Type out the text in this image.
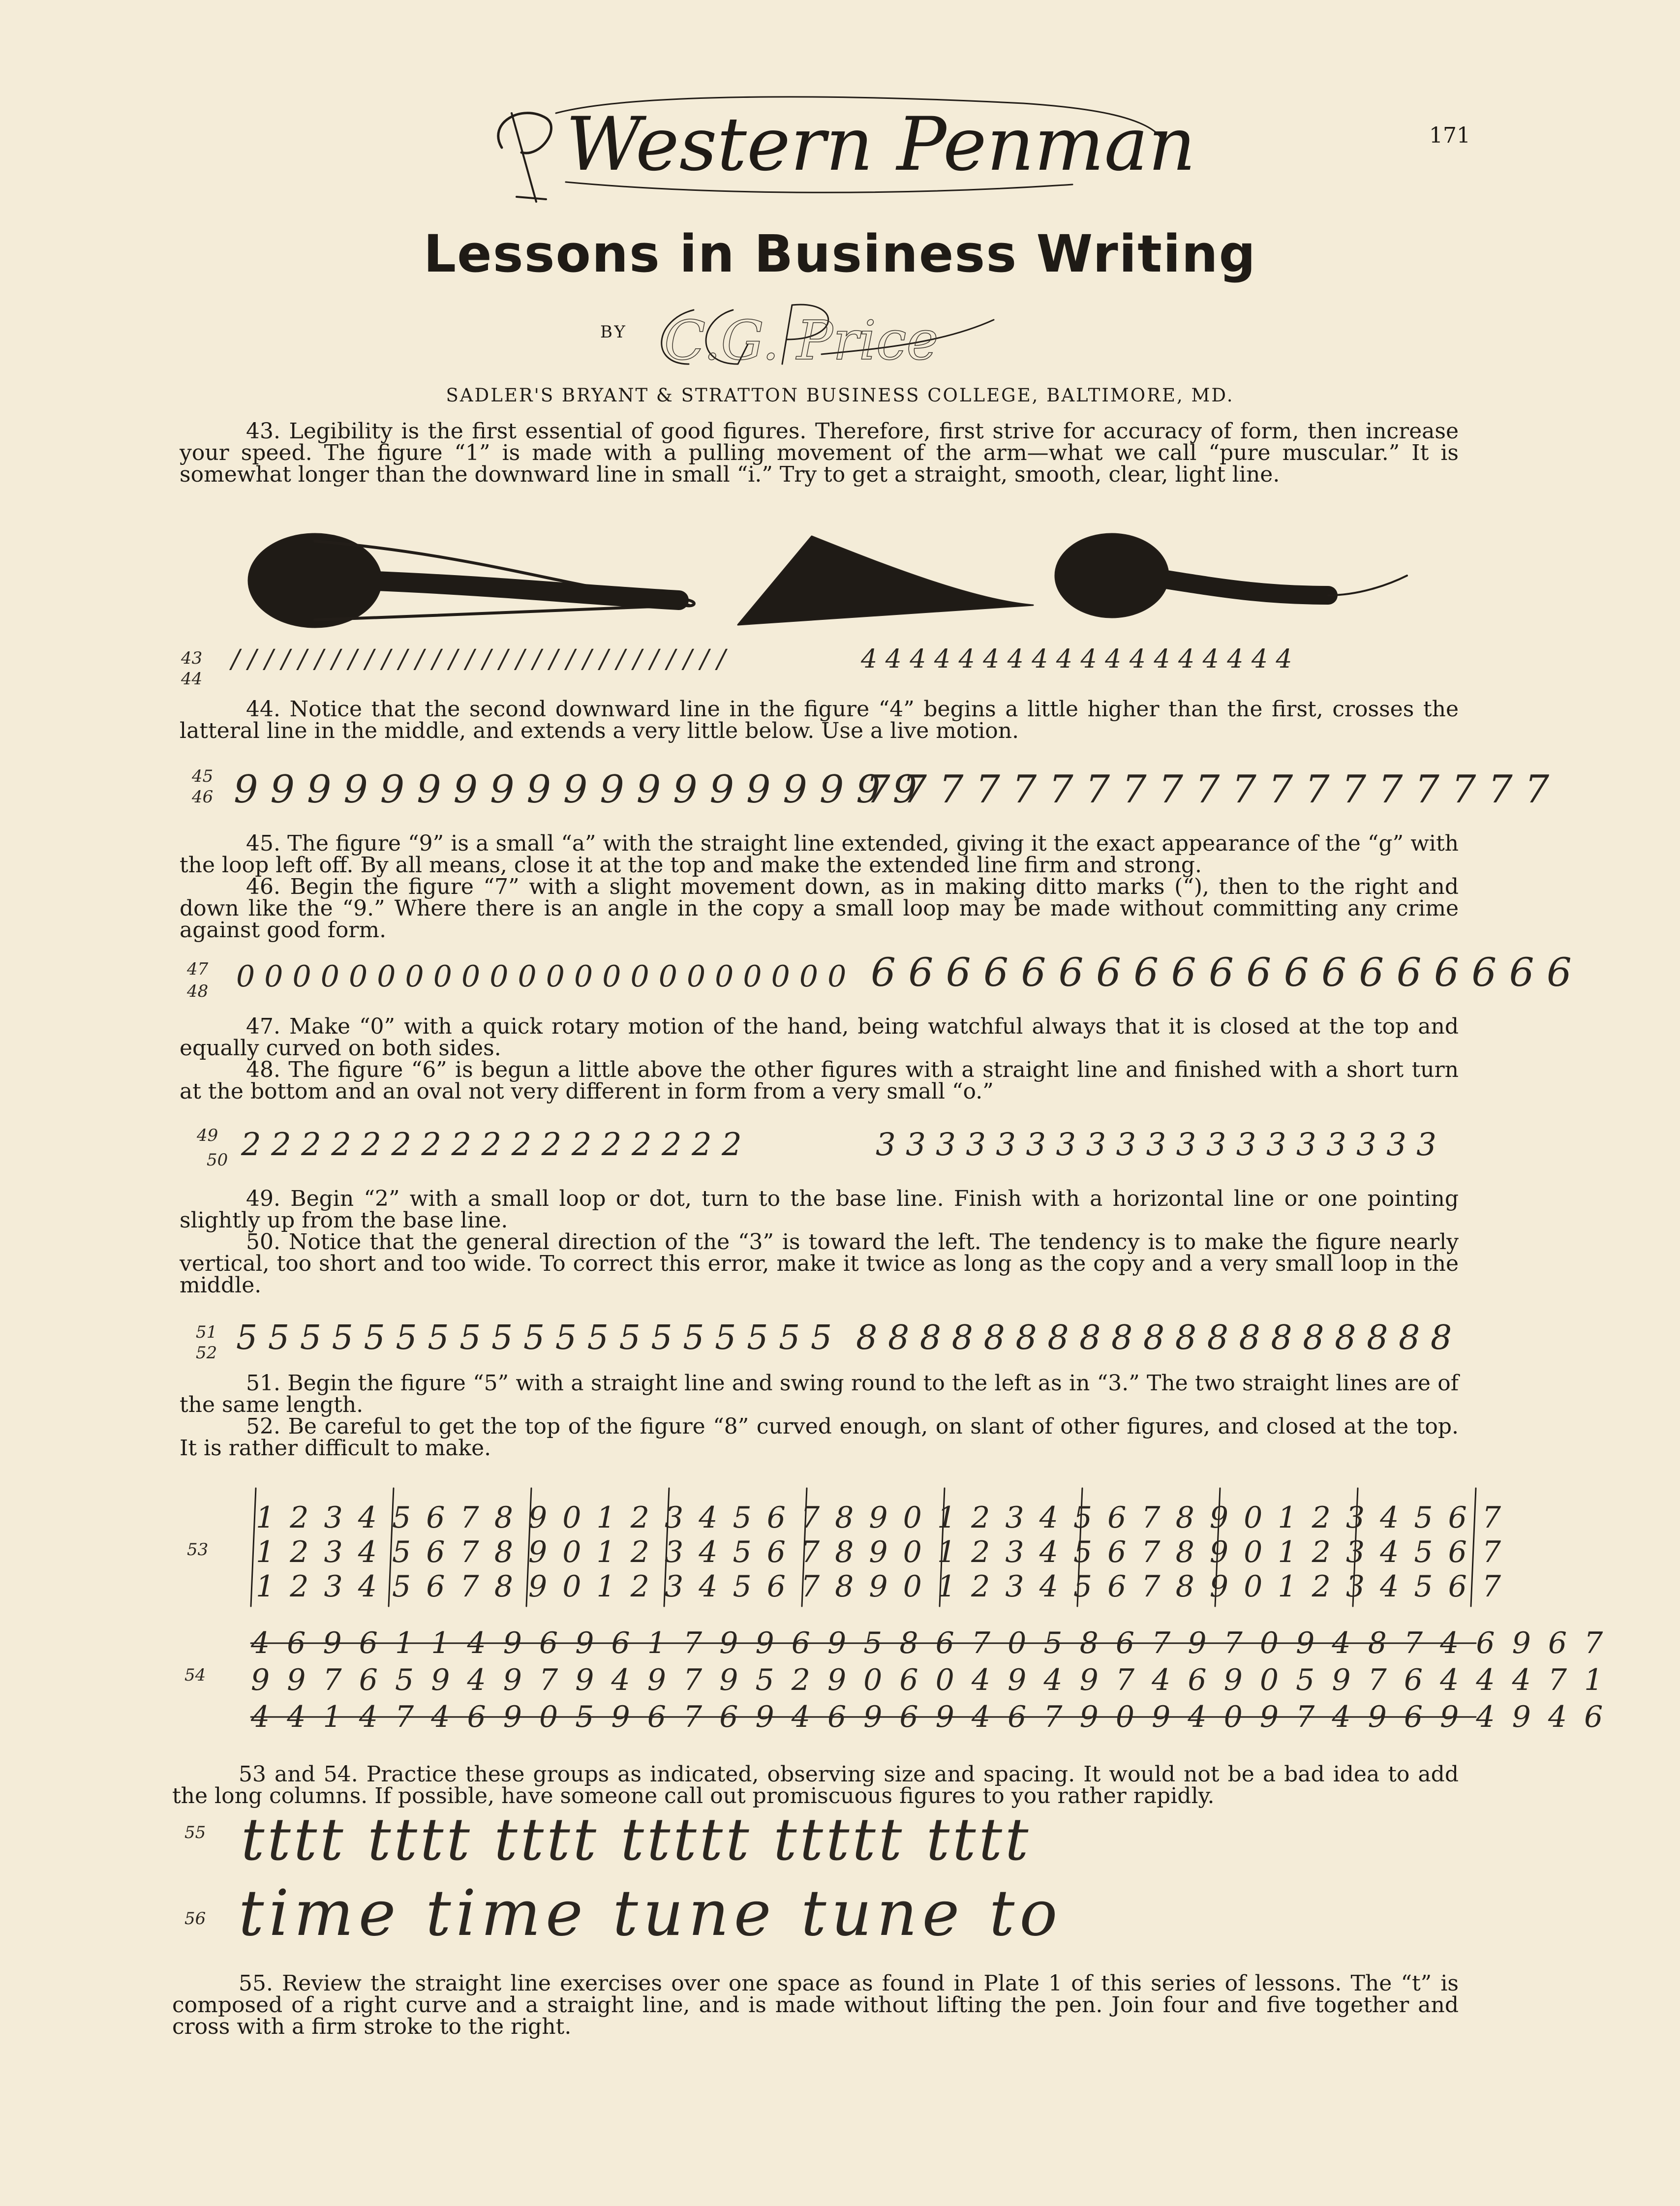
Western Penman	171
Lessons in Business Writing
BY C.G. Price
SADLER'S BRYANT & STRATTON BUSINESS COLLEGE, BALTIMORE, MD.

43. Legibility is the first essential of good figures. Therefore, first strive for accuracy of form, then increase your speed. The figure “1” is made with a pulling movement of the arm—what we call “pure muscular.” It is somewhat longer than the downward line in small “i.” Try to get a straight, smooth, clear, light line.

43
44
/ / / / / / / / / / / / / / / / / / / / / / / / / / / / / /	4 4 4 4 4 4 4 4 4 4 4 4 4 4 4 4 4 4

44. Notice that the second downward line in the figure “4” begins a little higher than the first, crosses the latteral line in the middle, and extends a very little below. Use a live motion.

45
46 9 9 9 9 9 9 9 9 9 9 9 9 9 9 9 9 9 9 9
7 7 7 7 7 7 7 7 7 7 7 7 7 7 7 7 7 7 7

45. The figure “9” is a small “a” with the straight line extended, giving it the exact appearance of the “g” with the loop left off. By all means, close it at the top and make the extended line firm and strong.

46. Begin the figure “7” with a slight movement down, as in making ditto marks (“), then to the right and down like the “9.” Where there is an angle in the copy a small loop may be made without committing any crime against good form.

47
48 0 0 0 0 0 0 0 0 0 0 0 0 0 0 0 0 0 0 0 0 0 0 6 6 6 6 6 6 6 6 6 6 6 6 6 6 6 6 6 6 6

47. Make “0” with a quick rotary motion of the hand, being watchful always that it is closed at the top and equally curved on both sides.

48. The figure “6” is begun a little above the other figures with a straight line and finished with a short turn at the bottom and an oval not very different in form from a very small “o.”

49
50 2 2 2 2 2 2 2 2 2 2 2 2 2 2 2 2 2	3 3 3 3 3 3 3 3 3 3 3 3 3 3 3 3 3 3 3

49. Begin “2” with a small loop or dot, turn to the base line. Finish with a horizontal line or one pointing slightly up from the base line.

50. Notice that the general direction of the “3” is toward the left. The tendency is to make the figure nearly vertical, too short and too wide. To correct this error, make it twice as long as the copy and a very small loop in the middle.

51
52 5 5 5 5 5 5 5 5 5 5 5 5 5 5 5 5 5 5 5 8 8 8 8 8 8 8 8 8 8 8 8 8 8 8 8 8 8 8

51. Begin the figure “5” with a straight line and swing round to the left as in “3.” The two straight lines are of the same length.

52. Be careful to get the top of the figure “8” curved enough, on slant of other figures, and closed at the top. It is rather difficult to make.

53
1 2 3 4 5 6 7 8 9 0 1 2 3 4 5 6 7 8 9 0 1 2 3 4 5 6 7 8 9 0 1 2 3 4 5 6 7
1 2 3 4 5 6 7 8 9 0 1 2 3 4 5 6 7 8 9 0 1 2 3 4 5 6 7 8 9 0 1 2 3 4 5 6 7
1 2 3 4 5 6 7 8 9 0 1 2 3 4 5 6 7 8 9 0 1 2 3 4 5 6 7 8 9 0 1 2 3 4 5 6 7
54
4 6 9 6 1 1 4 9 6 9 6 1 7 9 9 6 9 5 8 6 7 0 5 8 6 7 9 7 0 9 4 8 7 4 6 9 6 7
9 9 7 6 5 9 4 9 7 9 4 9 7 9 5 2 9 0 6 0 4 9 4 9 7 4 6 9 0 5 9 7 6 4 4 4 7 1
4 4 1 4 7 4 6 9 0 5 9 6 7 6 9 4 6 9 6 9 4 6 7 9 0 9 4 0 9 7 4 9 6 9 4 9 4 6

53 and 54. Practice these groups as indicated, observing size and spacing. It would not be a bad idea to add the long columns. If possible, have someone call out promiscuous figures to you rather rapidly.

55 tttt tttt tttt ttttt ttttt tttt
56 time time tune tune to

55. Review the straight line exercises over one space as found in Plate 1 of this series of lessons. The “t” is composed of a right curve and a straight line, and is made without lifting the pen. Join four and five together and cross with a firm stroke to the right.
